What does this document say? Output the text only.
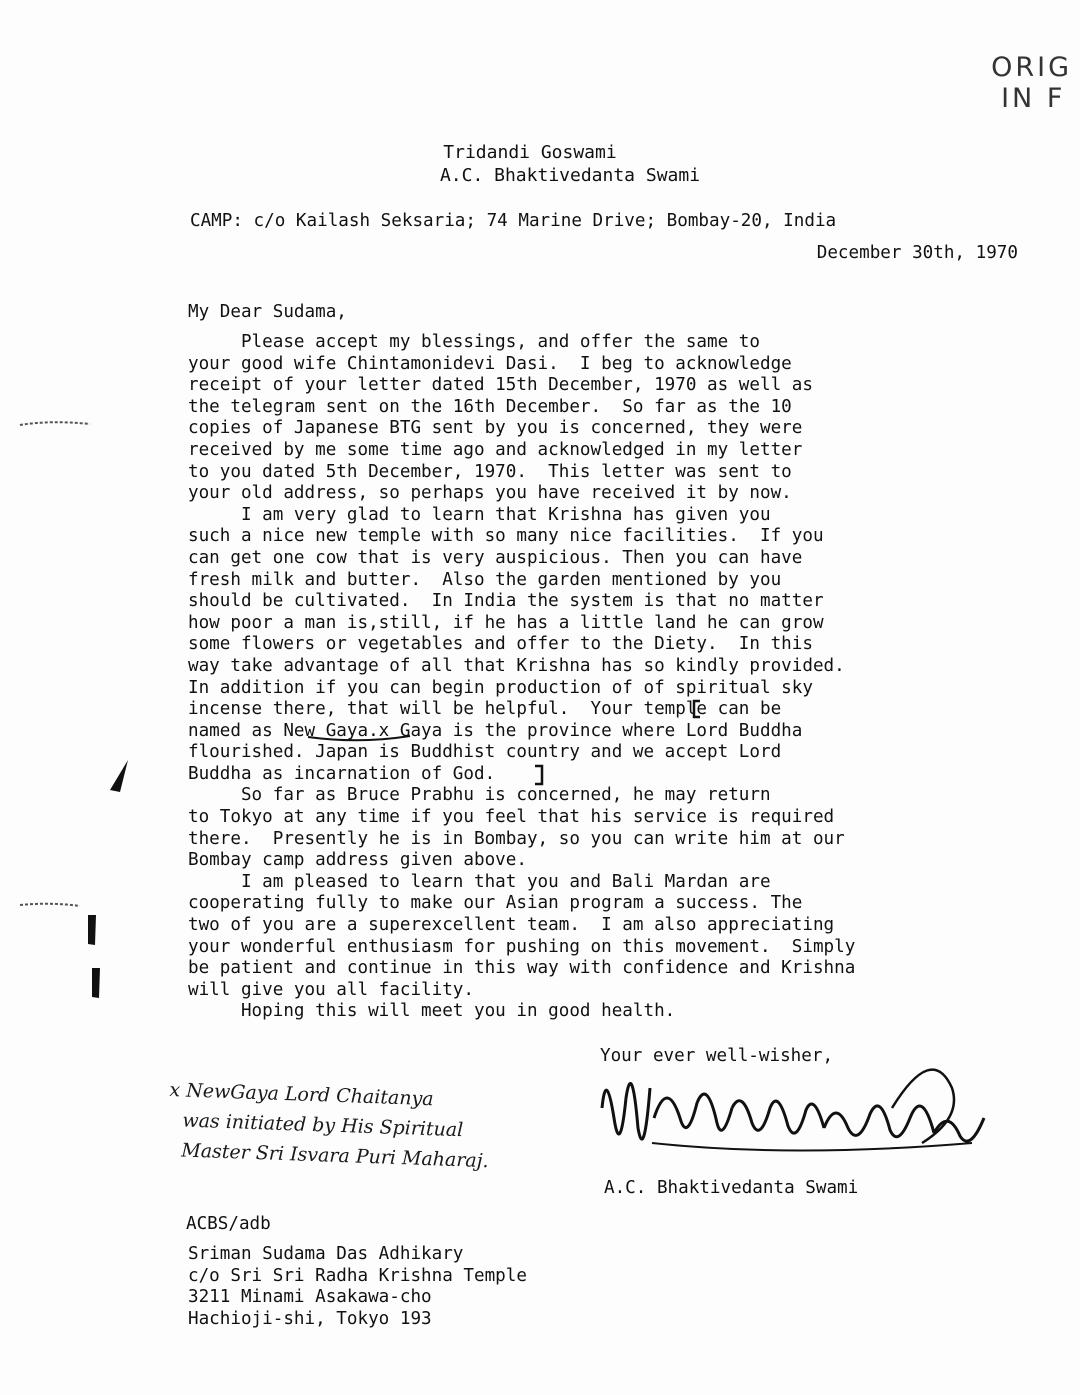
ORIG
IN F
Tridandi Goswami
A.C. Bhaktivedanta Swami
CAMP: c/o Kailash Seksaria; 74 Marine Drive; Bombay-20, India
December 30th, 1970
My Dear Sudama,
Please accept my blessings, and offer the same to
your good wife Chintamonidevi Dasi.  I beg to acknowledge
receipt of your letter dated 15th December, 1970 as well as
the telegram sent on the 16th December.  So far as the 10
copies of Japanese BTG sent by you is concerned, they were
received by me some time ago and acknowledged in my letter
to you dated 5th December, 1970.  This letter was sent to
your old address, so perhaps you have received it by now.
I am very glad to learn that Krishna has given you
such a nice new temple with so many nice facilities.  If you
can get one cow that is very auspicious. Then you can have
fresh milk and butter.  Also the garden mentioned by you
should be cultivated.  In India the system is that no matter
how poor a man is,still, if he has a little land he can grow
some flowers or vegetables and offer to the Diety.  In this
way take advantage of all that Krishna has so kindly provided.
In addition if you can begin production of of spiritual sky
incense there, that will be helpful.  Your temple can be
named as New Gaya.x Gaya is the province where Lord Buddha
flourished. Japan is Buddhist country and we accept Lord
Buddha as incarnation of God.
So far as Bruce Prabhu is concerned, he may return
to Tokyo at any time if you feel that his service is required
there.  Presently he is in Bombay, so you can write him at our
Bombay camp address given above.
I am pleased to learn that you and Bali Mardan are
cooperating fully to make our Asian program a success. The
two of you are a superexcellent team.  I am also appreciating
your wonderful enthusiasm for pushing on this movement.  Simply
be patient and continue in this way with confidence and Krishna
will give you all facility.
Hoping this will meet you in good health.
Your ever well-wisher,
A.C. Bhaktivedanta Swami
x NewGaya Lord Chaitanya
was initiated by His Spiritual
Master Sri Isvara Puri Maharaj.
ACBS/adb
Sriman Sudama Das Adhikary
c/o Sri Sri Radha Krishna Temple
3211 Minami Asakawa-cho
Hachioji-shi, Tokyo 193
